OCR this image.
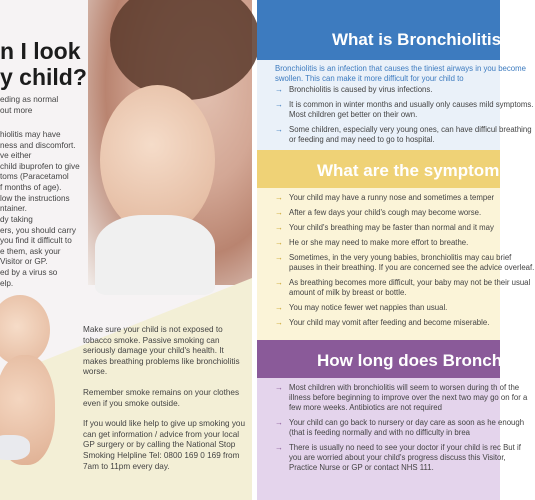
n I look
y child?
eding as normal
out more
hiolitis may have
ness and discomfort.
ve either
child ibuprofen to give
toms (Paracetamol
f months of age).
low the instructions
ntainer.
dy taking
ers, you should carry
you find it difficult to
e them, ask your
Visitor or GP.
ed by a virus so
elp.

Make sure your child is not exposed to tobacco smoke. Passive smoking can seriously damage your child's health. It makes breathing problems like bronchiolitis worse.

Remember smoke remains on your clothes even if you smoke outside.

If you would like help to give up smoking you can get information / advice from your local GP surgery or by calling the National Stop Smoking Helpline Tel: 0800 169 0 169 from 7am to 11pm every day.

What is Bronchiolitis
Bronchiolitis is an infection that causes the tiniest airways in you become swollen. This can make it more difficult for your child to
→ Bronchiolitis is caused by virus infections.
→ It is common in winter months and usually only causes mild symptoms. Most children get better on their own.
→ Some children, especially very young ones, can have difficul breathing or feeding and may need to go to hospital.
What are the symptom
→ Your child may have a runny nose and sometimes a temper
→ After a few days your child's cough may become worse.
→ Your child's breathing may be faster than normal and it may
→ He or she may need to make more effort to breathe.
→ Sometimes, in the very young babies, bronchiolitis may cau brief pauses in their breathing. If you are concerned see the advice overleaf.
→ As breathing becomes more difficult, your baby may not be their usual amount of milk by breast or bottle.
→ You may notice fewer wet nappies than usual.
→ Your child may vomit after feeding and become miserable.
How long does Bronchiolit
→ Most children with bronchiolitis will seem to worsen during th of the illness before beginning to improve over the next two may go on for a few more weeks. Antibiotics are not required
→ Your child can go back to nursery or day care as soon as he enough (that is feeding normally and with no difficulty in brea
→ There is usually no need to see your doctor if your child is rec But if you are worried about your child's progress discuss this Visitor, Practice Nurse or GP or contact NHS 111.
